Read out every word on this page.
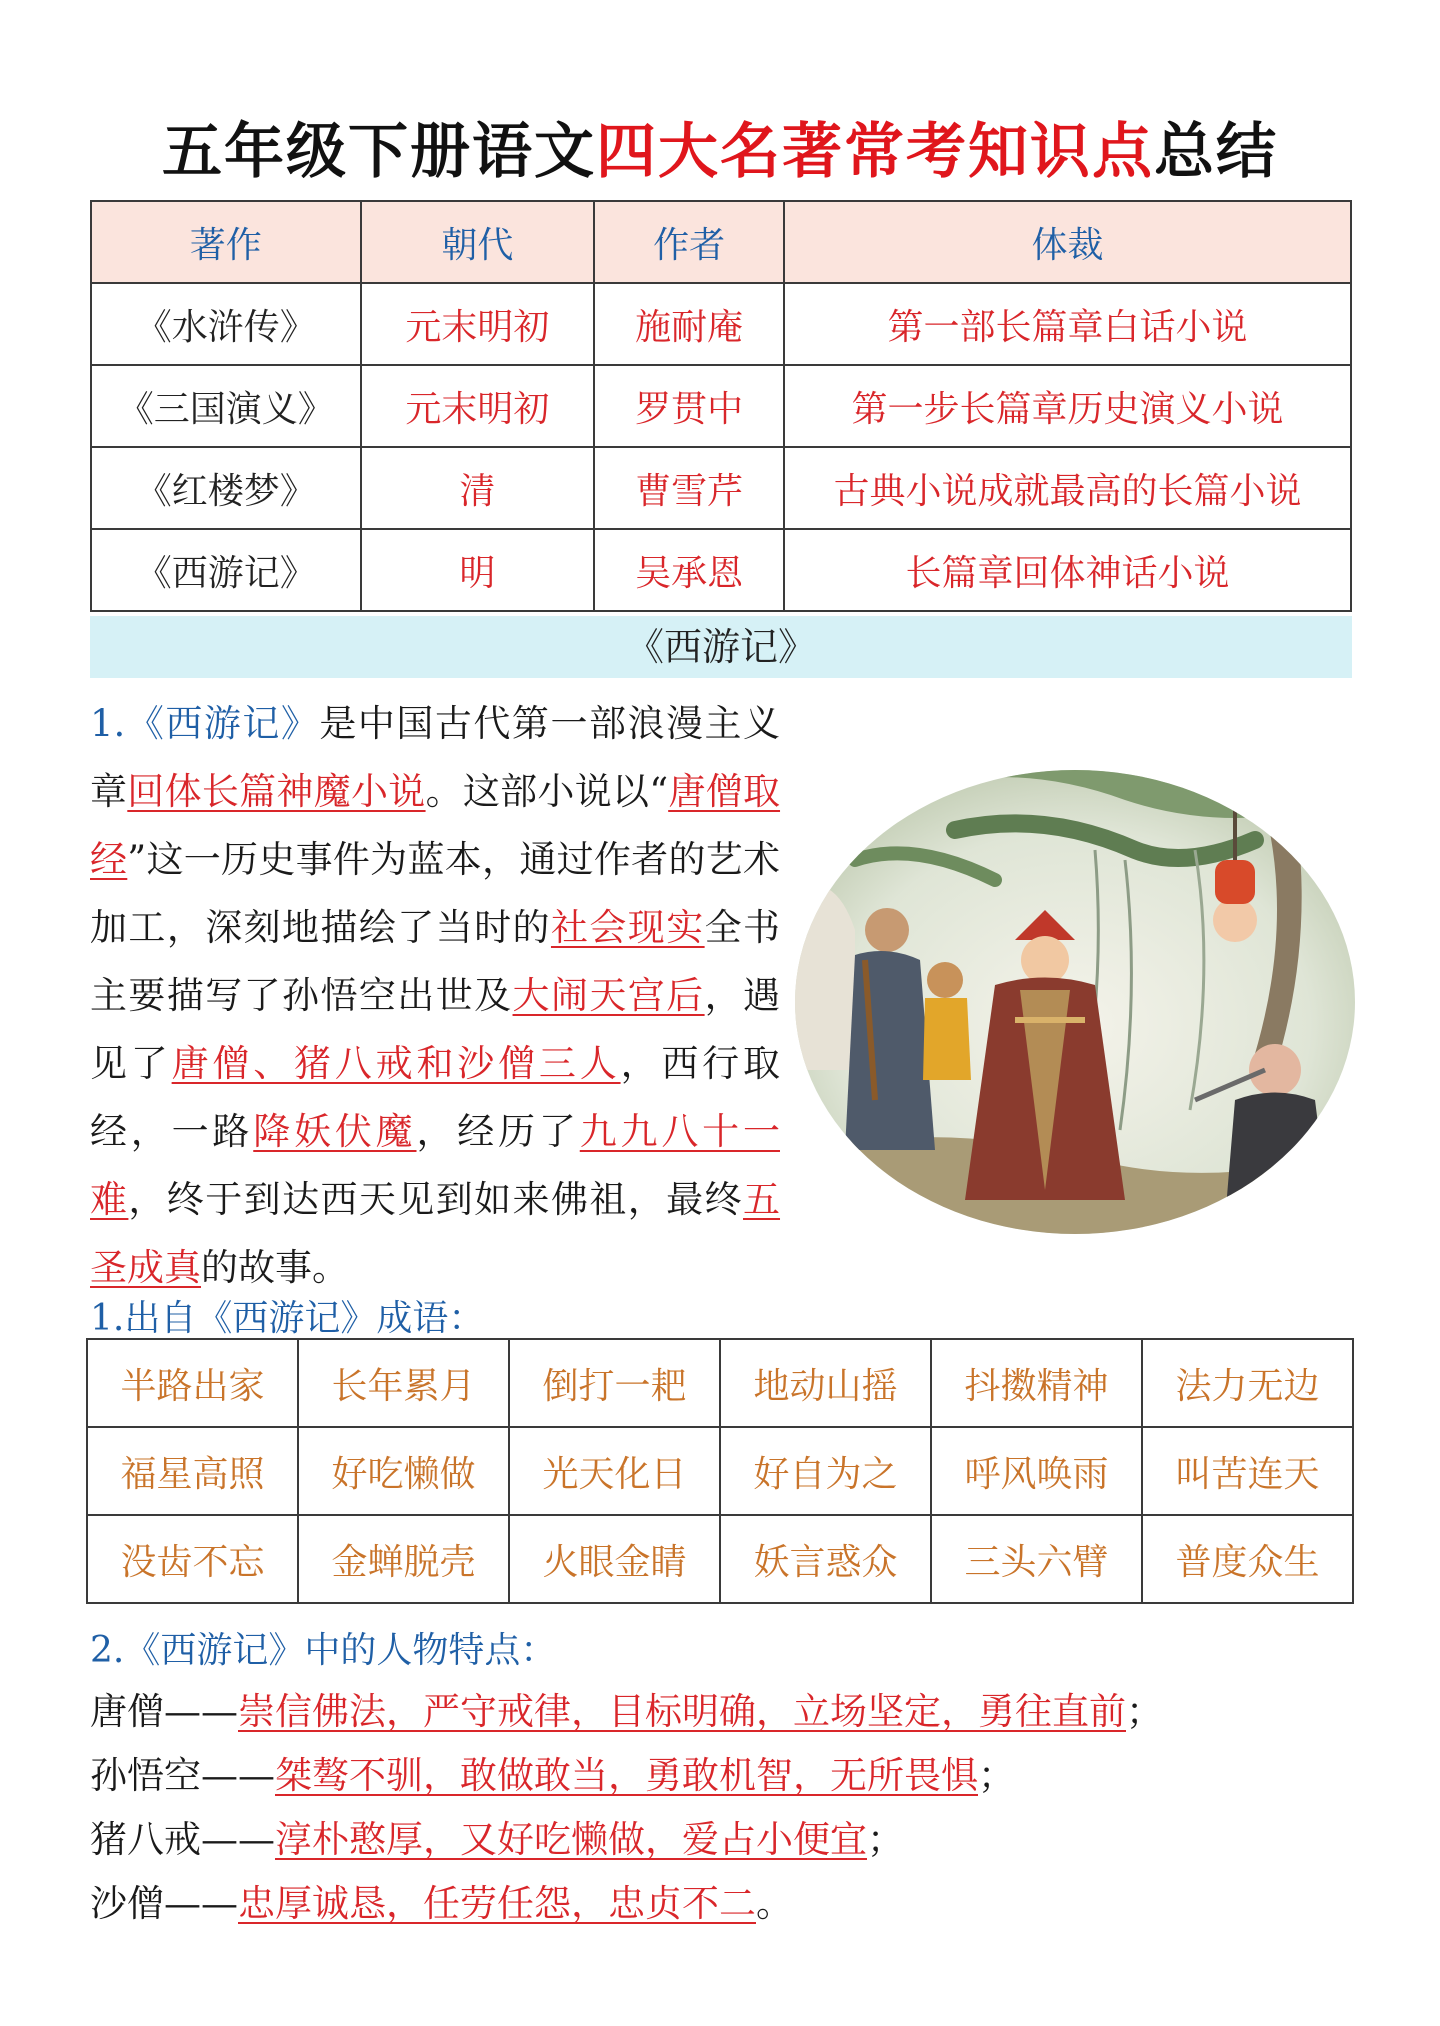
五年级下册语文四大名著常考知识点总结
著作	朝代	作者	体裁
《水浒传》	元末明初	施耐庵	第一部长篇章白话小说
《三国演义》	元末明初	罗贯中	第一步长篇章历史演义小说
《红楼梦》	清	曹雪芹	古典小说成就最高的长篇小说
《西游记》	明	吴承恩	长篇章回体神话小说
《西游记》
1.《西游记》是中国古代第一部浪漫主义章回体长篇神魔小说。这部小说以“唐僧取经”这一历史事件为蓝本，通过作者的艺术加工，深刻地描绘了当时的社会现实全书主要描写了孙悟空出世及大闹天宫后，遇见了唐僧、猪八戒和沙僧三人，西行取经，一路降妖伏魔，经历了九九八十一难，终于到达西天见到如来佛祖，最终五圣成真的故事。
1.出自《西游记》成语：
半路出家	长年累月	倒打一耙	地动山摇	抖擞精神	法力无边
福星高照	好吃懒做	光天化日	好自为之	呼风唤雨	叫苦连天
没齿不忘	金蝉脱壳	火眼金睛	妖言惑众	三头六臂	普度众生
2.《西游记》中的人物特点：
唐僧——崇信佛法，严守戒律，目标明确，立场坚定，勇往直前；
孙悟空——桀骜不驯，敢做敢当，勇敢机智，无所畏惧；
猪八戒——淳朴憨厚，又好吃懒做，爱占小便宜；
沙僧——忠厚诚恳，任劳任怨，忠贞不二。
